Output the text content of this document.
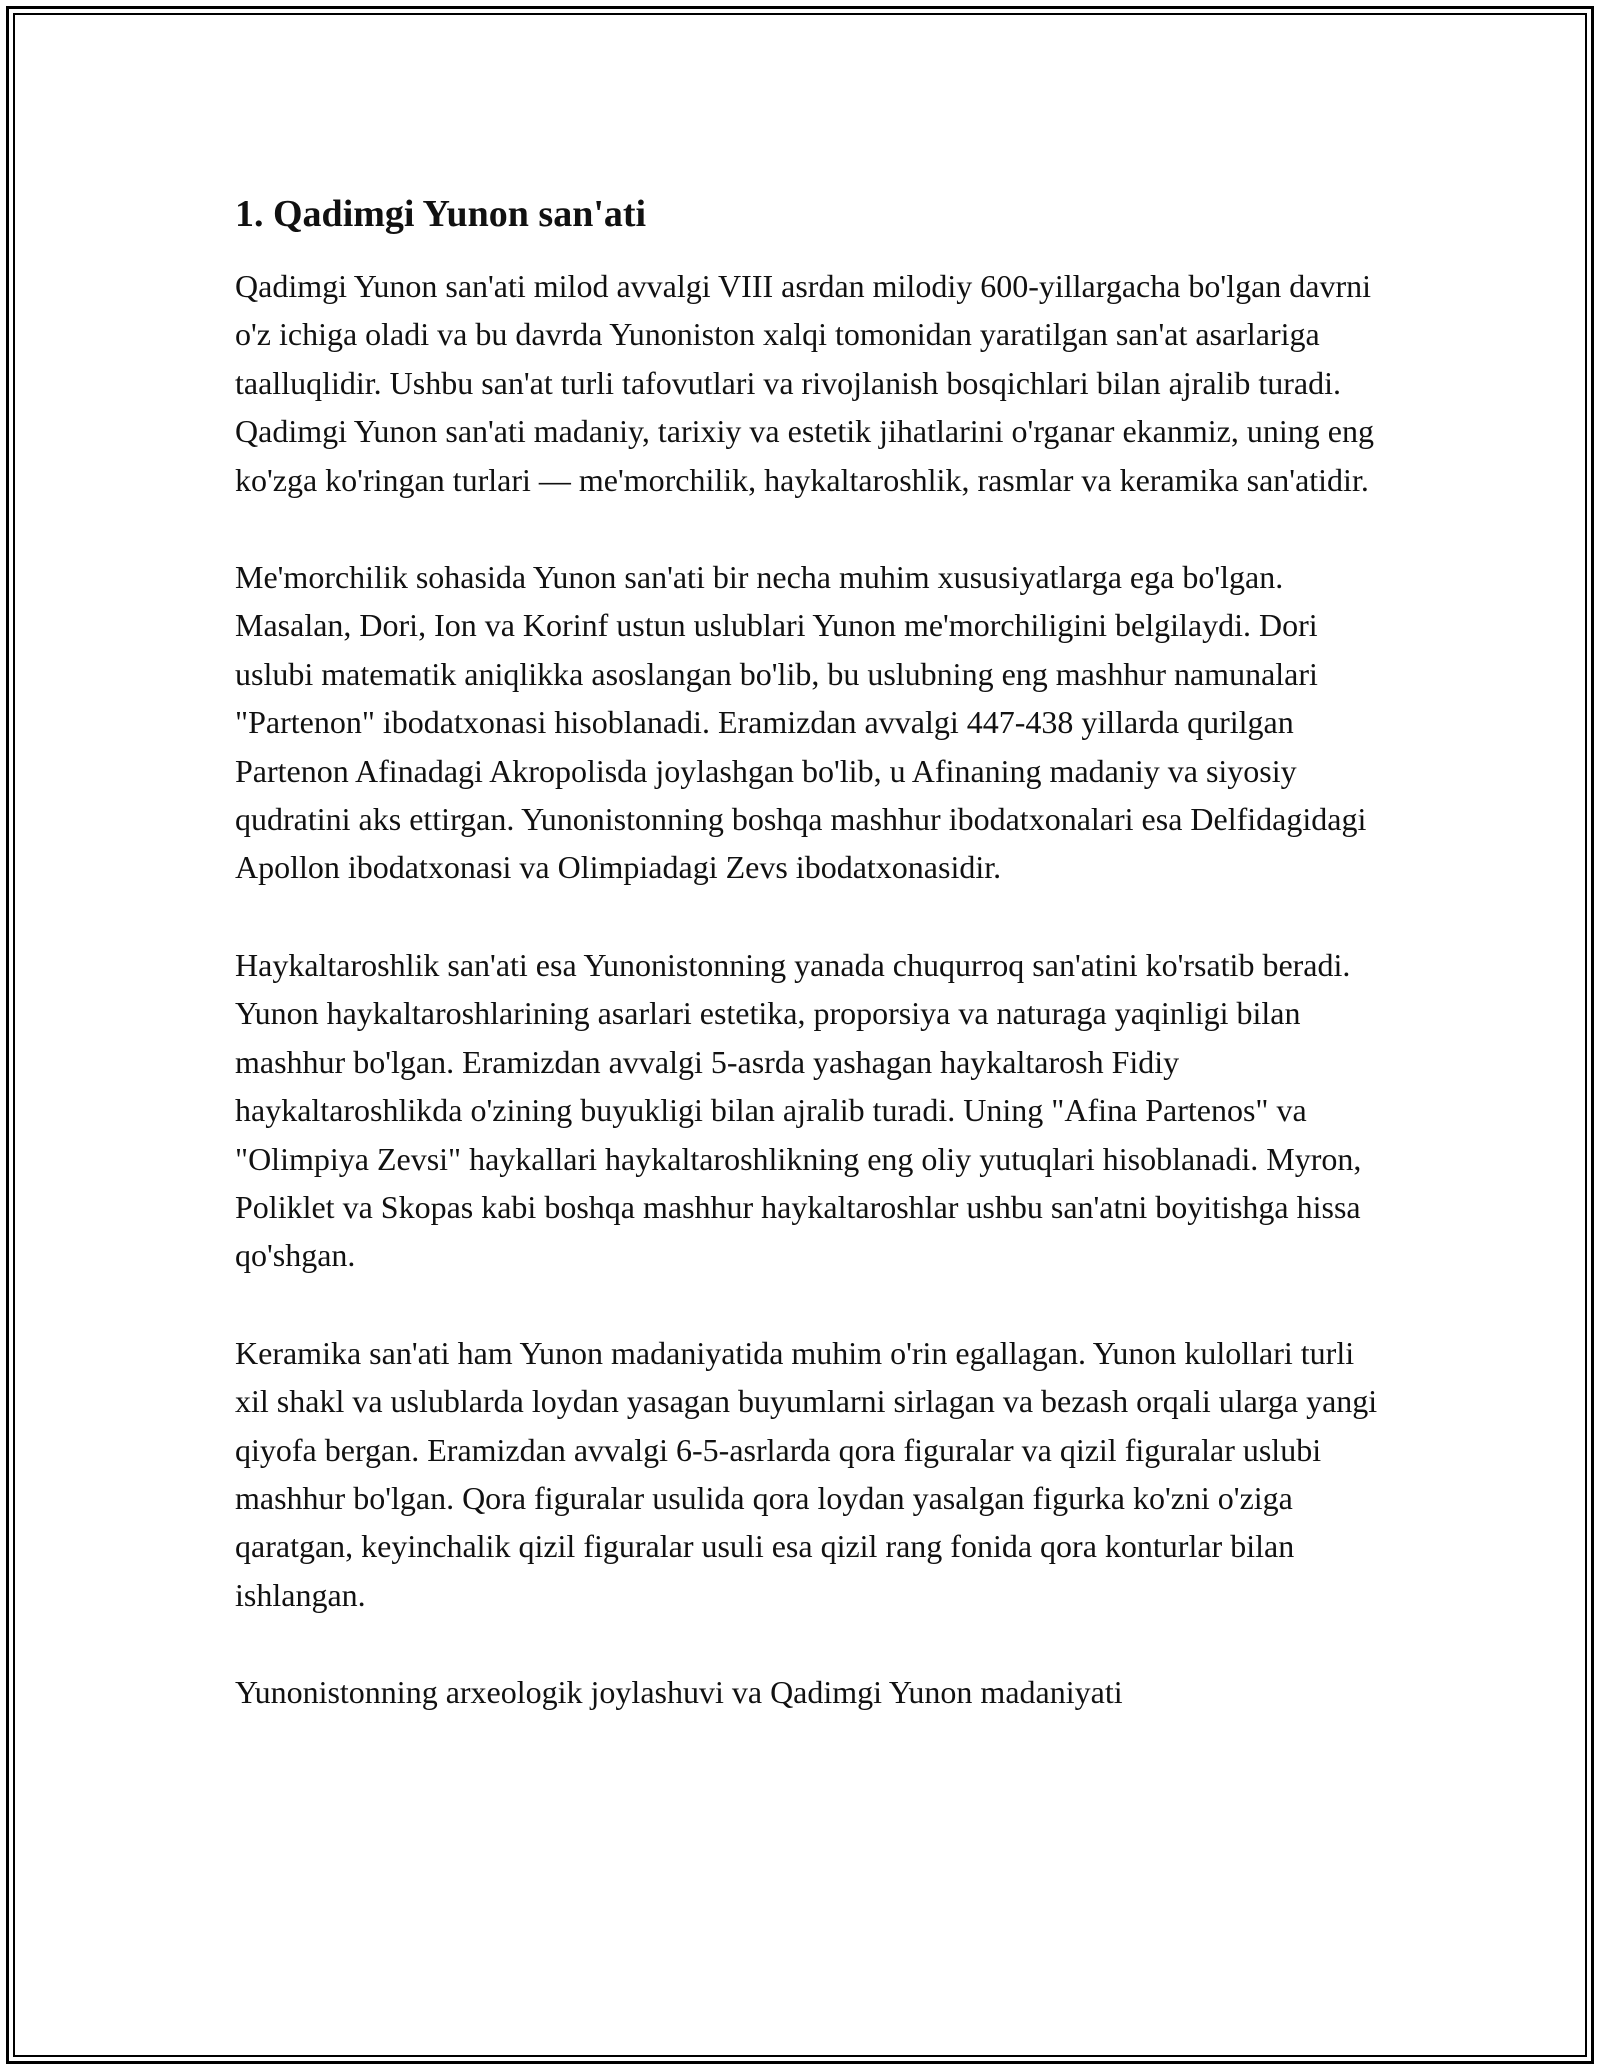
1. Qadimgi Yunon san'ati

Qadimgi Yunon san'ati milod avvalgi VIII asrdan milodiy 600-yillargacha bo'lgan davrni o'z ichiga oladi va bu davrda Yunoniston xalqi tomonidan yaratilgan san'at asarlariga taalluqlidir. Ushbu san'at turli tafovutlari va rivojlanish bosqichlari bilan ajralib turadi. Qadimgi Yunon san'ati madaniy, tarixiy va estetik jihatlarini o'rganar ekanmiz, uning eng ko'zga ko'ringan turlari — me'morchilik, haykaltaroshlik, rasmlar va keramika san'atidir.

Me'morchilik sohasida Yunon san'ati bir necha muhim xususiyatlarga ega bo'lgan. Masalan, Dori, Ion va Korinf ustun uslublari Yunon me'morchiligini belgilaydi. Dori uslubi matematik aniqlikka asoslangan bo'lib, bu uslubning eng mashhur namunalari "Partenon" ibodatxonasi hisoblanadi. Eramizdan avvalgi 447-438 yillarda qurilgan Partenon Afinadagi Akropolisda joylashgan bo'lib, u Afinaning madaniy va siyosiy qudratini aks ettirgan. Yunonistonning boshqa mashhur ibodatxonalari esa Delfidagidagi Apollon ibodatxonasi va Olimpiadagi Zevs ibodatxonasidir.

Haykaltaroshlik san'ati esa Yunonistonning yanada chuqurroq san'atini ko'rsatib beradi. Yunon haykaltaroshlarining asarlari estetika, proporsiya va naturaga yaqinligi bilan mashhur bo'lgan. Eramizdan avvalgi 5-asrda yashagan haykaltarosh Fidiy haykaltaroshlikda o'zining buyukligi bilan ajralib turadi. Uning "Afina Partenos" va "Olimpiya Zevsi" haykallari haykaltaroshlikning eng oliy yutuqlari hisoblanadi. Myron, Poliklet va Skopas kabi boshqa mashhur haykaltaroshlar ushbu san'atni boyitishga hissa qo'shgan.

Keramika san'ati ham Yunon madaniyatida muhim o'rin egallagan. Yunon kulollari turli xil shakl va uslublarda loydan yasagan buyumlarni sirlagan va bezash orqali ularga yangi qiyofa bergan. Eramizdan avvalgi 6-5-asrlarda qora figuralar va qizil figuralar uslubi mashhur bo'lgan. Qora figuralar usulida qora loydan yasalgan figurka ko'zni o'ziga qaratgan, keyinchalik qizil figuralar usuli esa qizil rang fonida qora konturlar bilan ishlangan.

Yunonistonning arxeologik joylashuvi va Qadimgi Yunon madaniyati
